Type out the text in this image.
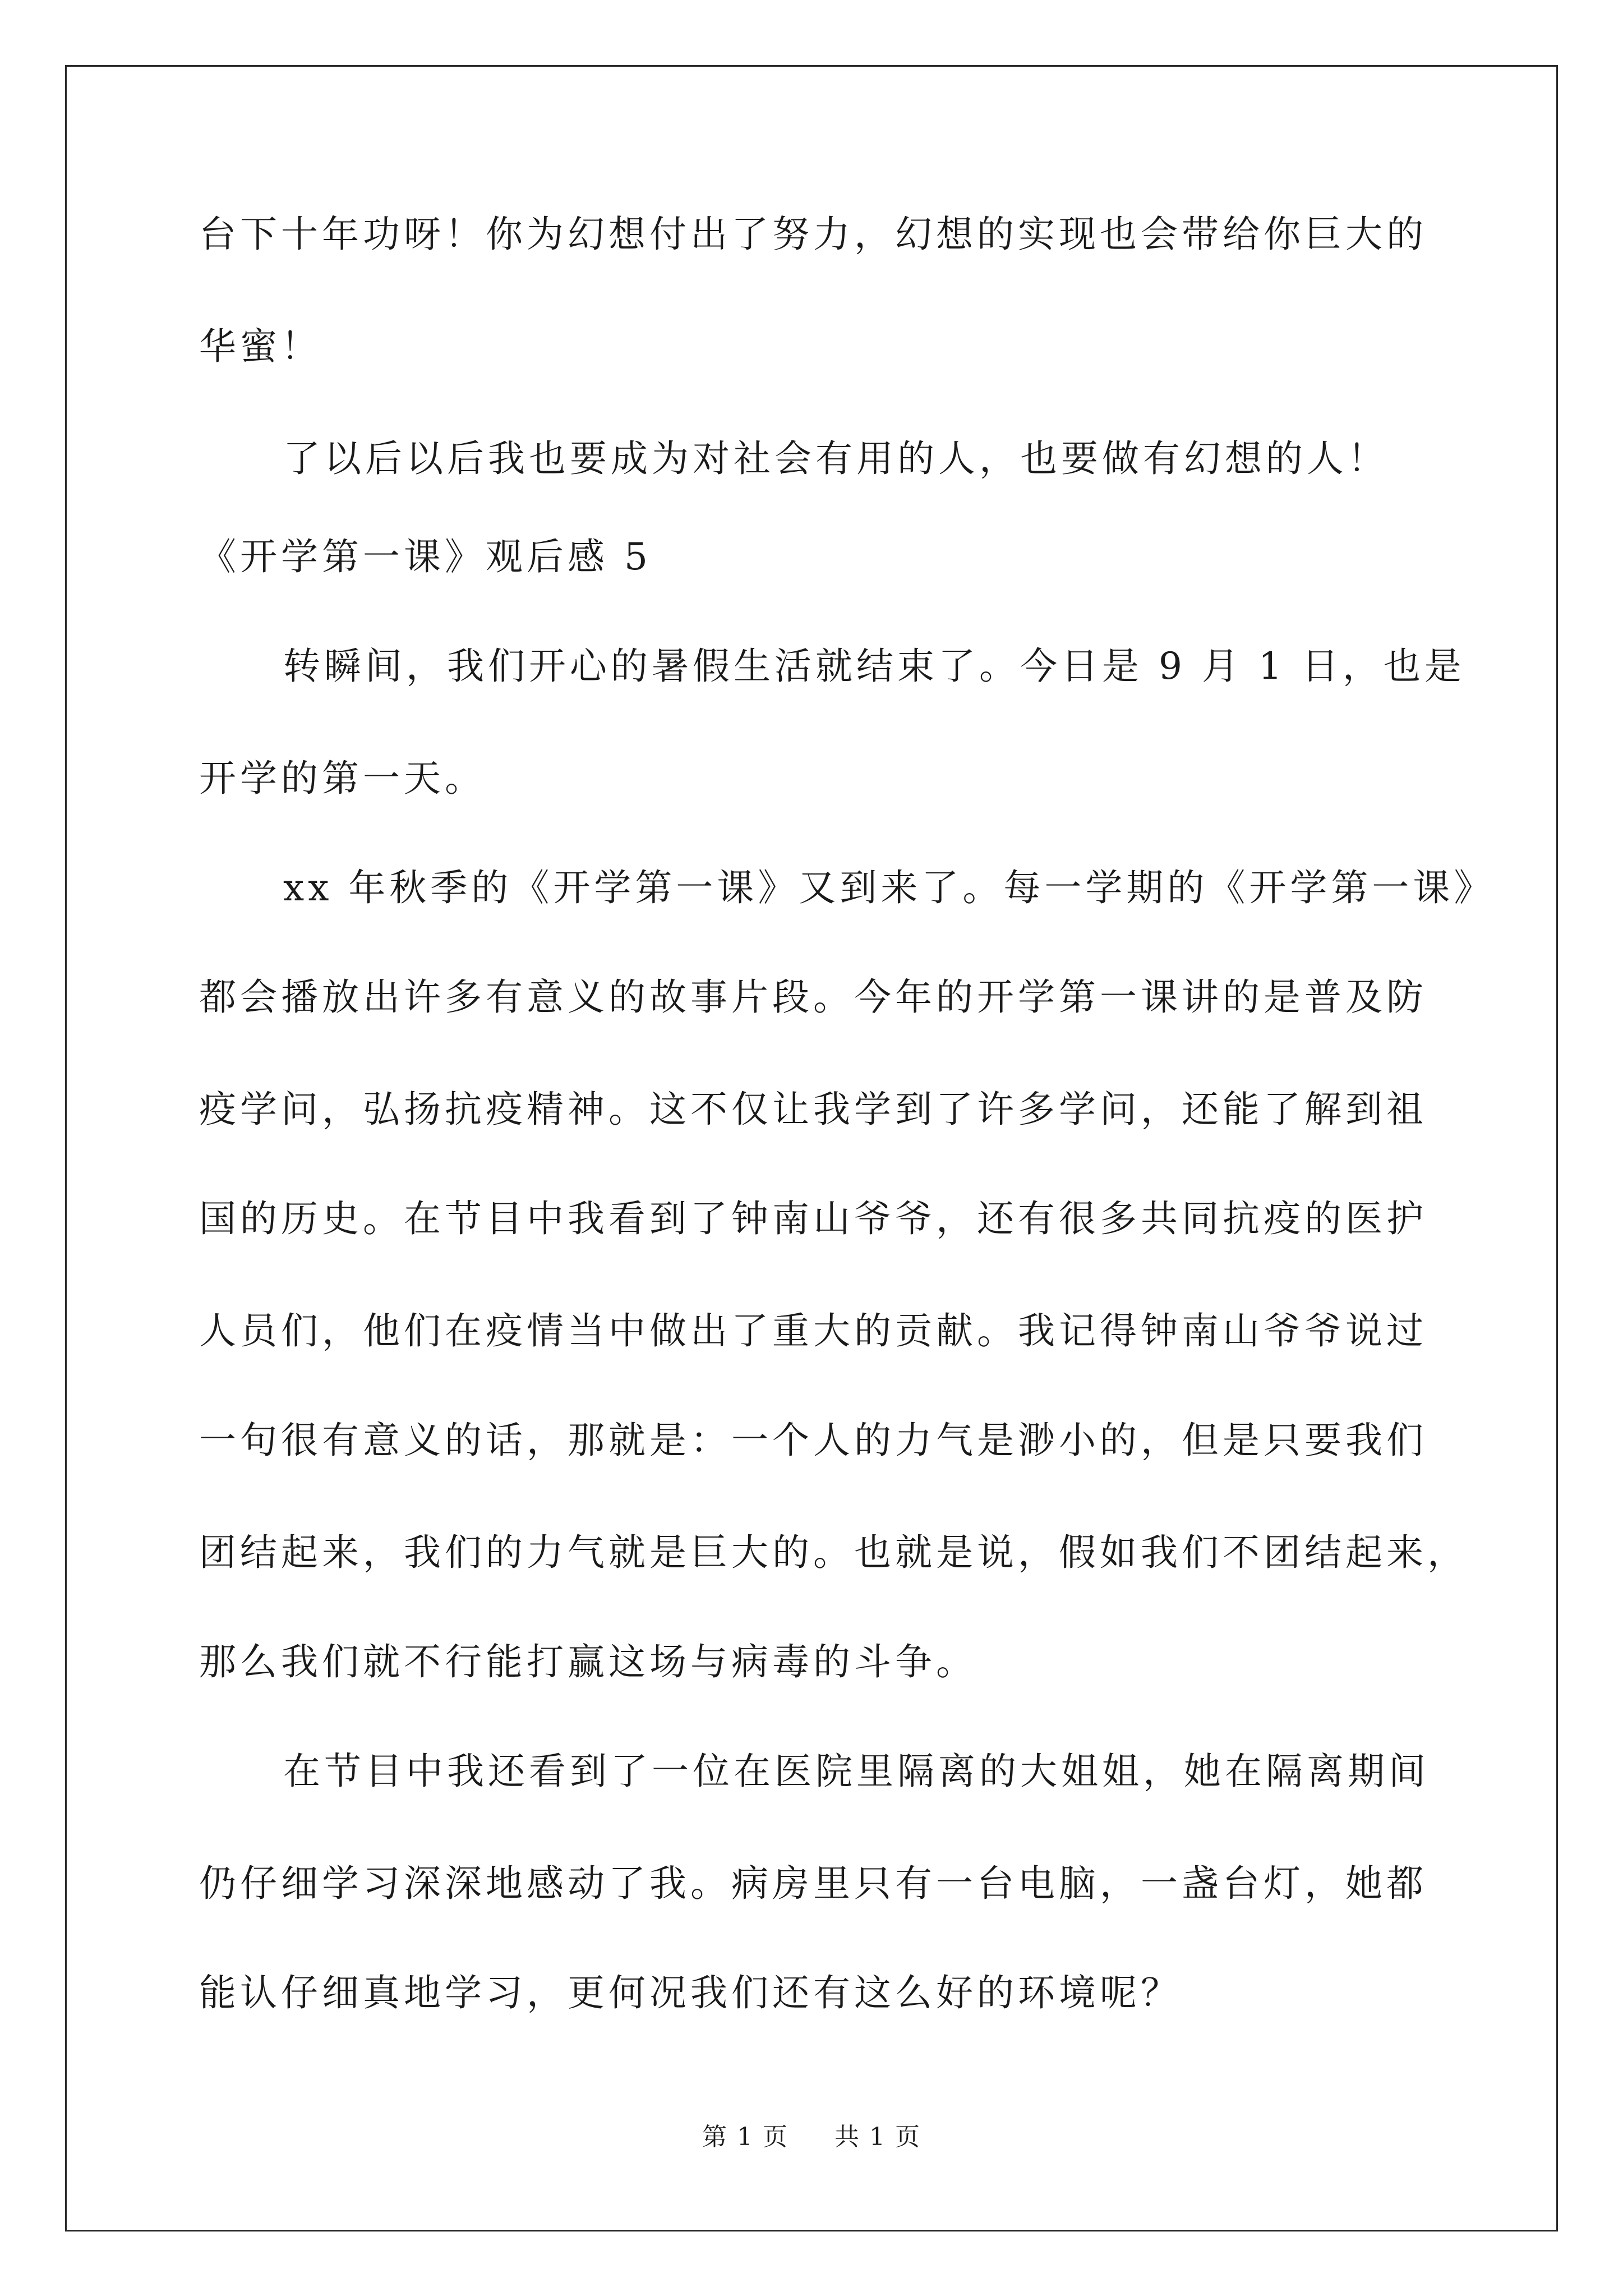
台下十年功呀！你为幻想付出了努力，幻想的实现也会带给你巨大的
华蜜！
了以后以后我也要成为对社会有用的人，也要做有幻想的人！
《开学第一课》观后感 5
转瞬间，我们开心的暑假生活就结束了。今日是 9 月 1 日，也是
开学的第一天。
xx 年秋季的《开学第一课》又到来了。每一学期的《开学第一课》
都会播放出许多有意义的故事片段。今年的开学第一课讲的是普及防
疫学问，弘扬抗疫精神。这不仅让我学到了许多学问，还能了解到祖
国的历史。在节目中我看到了钟南山爷爷，还有很多共同抗疫的医护
人员们，他们在疫情当中做出了重大的贡献。我记得钟南山爷爷说过
一句很有意义的话，那就是：一个人的力气是渺小的，但是只要我们
团结起来，我们的力气就是巨大的。也就是说，假如我们不团结起来，
那么我们就不行能打赢这场与病毒的斗争。
在节目中我还看到了一位在医院里隔离的大姐姐，她在隔离期间
仍仔细学习深深地感动了我。病房里只有一台电脑，一盏台灯，她都
能认仔细真地学习，更何况我们还有这么好的环境呢？
第 1 页 共 1 页
